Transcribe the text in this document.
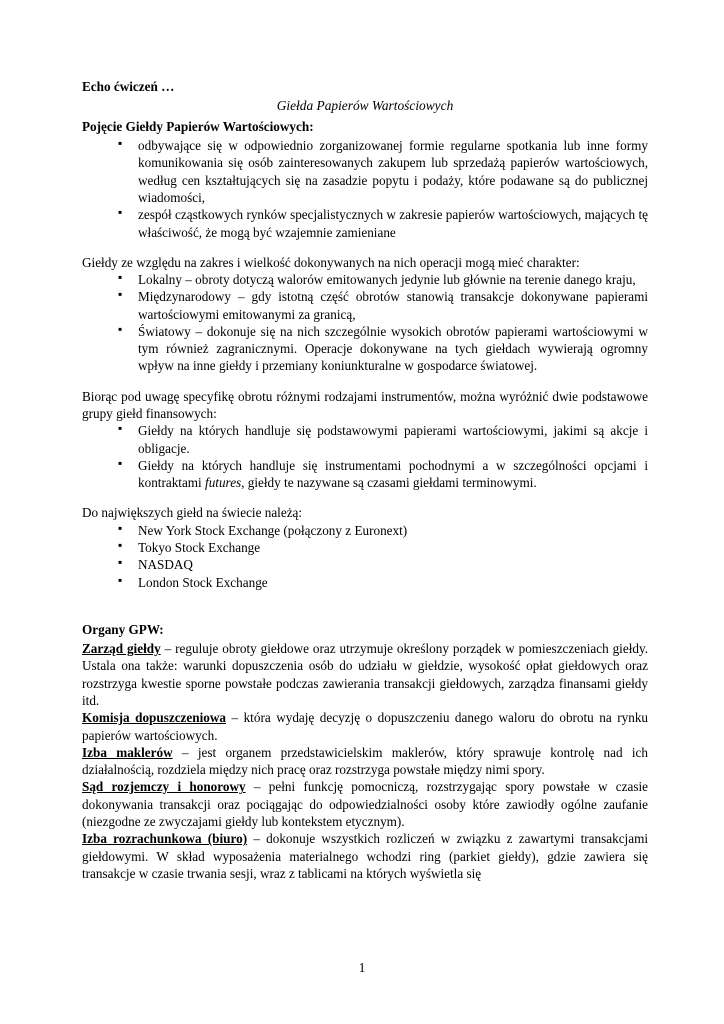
Echo ćwiczeń …
Giełda Papierów Wartościowych
Pojęcie Giełdy Papierów Wartościowych:
▪ odbywające się w odpowiednio zorganizowanej formie regularne spotkania lub inne formy komunikowania się osób zainteresowanych zakupem lub sprzedażą papierów wartościowych, według cen kształtujących się na zasadzie popytu i podaży, które podawane są do publicznej wiadomości,
▪ zespół cząstkowych rynków specjalistycznych w zakresie papierów wartościowych, mających tę właściwość, że mogą być wzajemnie zamieniane

Giełdy ze względu na zakres i wielkość dokonywanych na nich operacji mogą mieć charakter:

▪ Lokalny – obroty dotyczą walorów emitowanych jedynie lub głównie na terenie danego kraju,
▪ Międzynarodowy – gdy istotną część obrotów stanowią transakcje dokonywane papierami wartościowymi emitowanymi za granicą,
▪ Światowy – dokonuje się na nich szczególnie wysokich obrotów papierami wartościowymi w tym również zagranicznymi. Operacje dokonywane na tych giełdach wywierają ogromny wpływ na inne giełdy i przemiany koniunkturalne w gospodarce światowej.

Biorąc pod uwagę specyfikę obrotu różnymi rodzajami instrumentów, można wyróżnić dwie podstawowe grupy giełd finansowych:

▪ Giełdy na których handluje się podstawowymi papierami wartościowymi, jakimi są akcje i obligacje.
▪ Giełdy na których handluje się instrumentami pochodnymi a w szczególności opcjami i kontraktami futures, giełdy te nazywane są czasami giełdami terminowymi.

Do największych giełd na świecie należą:

▪ New York Stock Exchange (połączony z Euronext)
▪ Tokyo Stock Exchange
▪ NASDAQ
▪ London Stock Exchange
Organy GPW:

Zarząd giełdy – reguluje obroty giełdowe oraz utrzymuje określony porządek w pomieszczeniach giełdy. Ustala ona także: warunki dopuszczenia osób do udziału w giełdzie, wysokość opłat giełdowych oraz rozstrzyga kwestie sporne powstałe podczas zawierania transakcji giełdowych, zarządza finansami giełdy itd.

Komisja dopuszczeniowa – która wydaję decyzję o dopuszczeniu danego waloru do obrotu na rynku papierów wartościowych.

Izba maklerów – jest organem przedstawicielskim maklerów, który sprawuje kontrolę nad ich działalnością, rozdziela między nich pracę oraz rozstrzyga powstałe między nimi spory.

Sąd rozjemczy i honorowy – pełni funkcję pomocniczą, rozstrzygając spory powstałe w czasie dokonywania transakcji oraz pociągając do odpowiedzialności osoby które zawiodły ogólne zaufanie (niezgodne ze zwyczajami giełdy lub kontekstem etycznym).

Izba rozrachunkowa (biuro) – dokonuje wszystkich rozliczeń w związku z zawartymi transakcjami giełdowymi. W skład wyposażenia materialnego wchodzi ring (parkiet giełdy), gdzie zawiera się transakcje w czasie trwania sesji, wraz z tablicami na których wyświetla się

1
